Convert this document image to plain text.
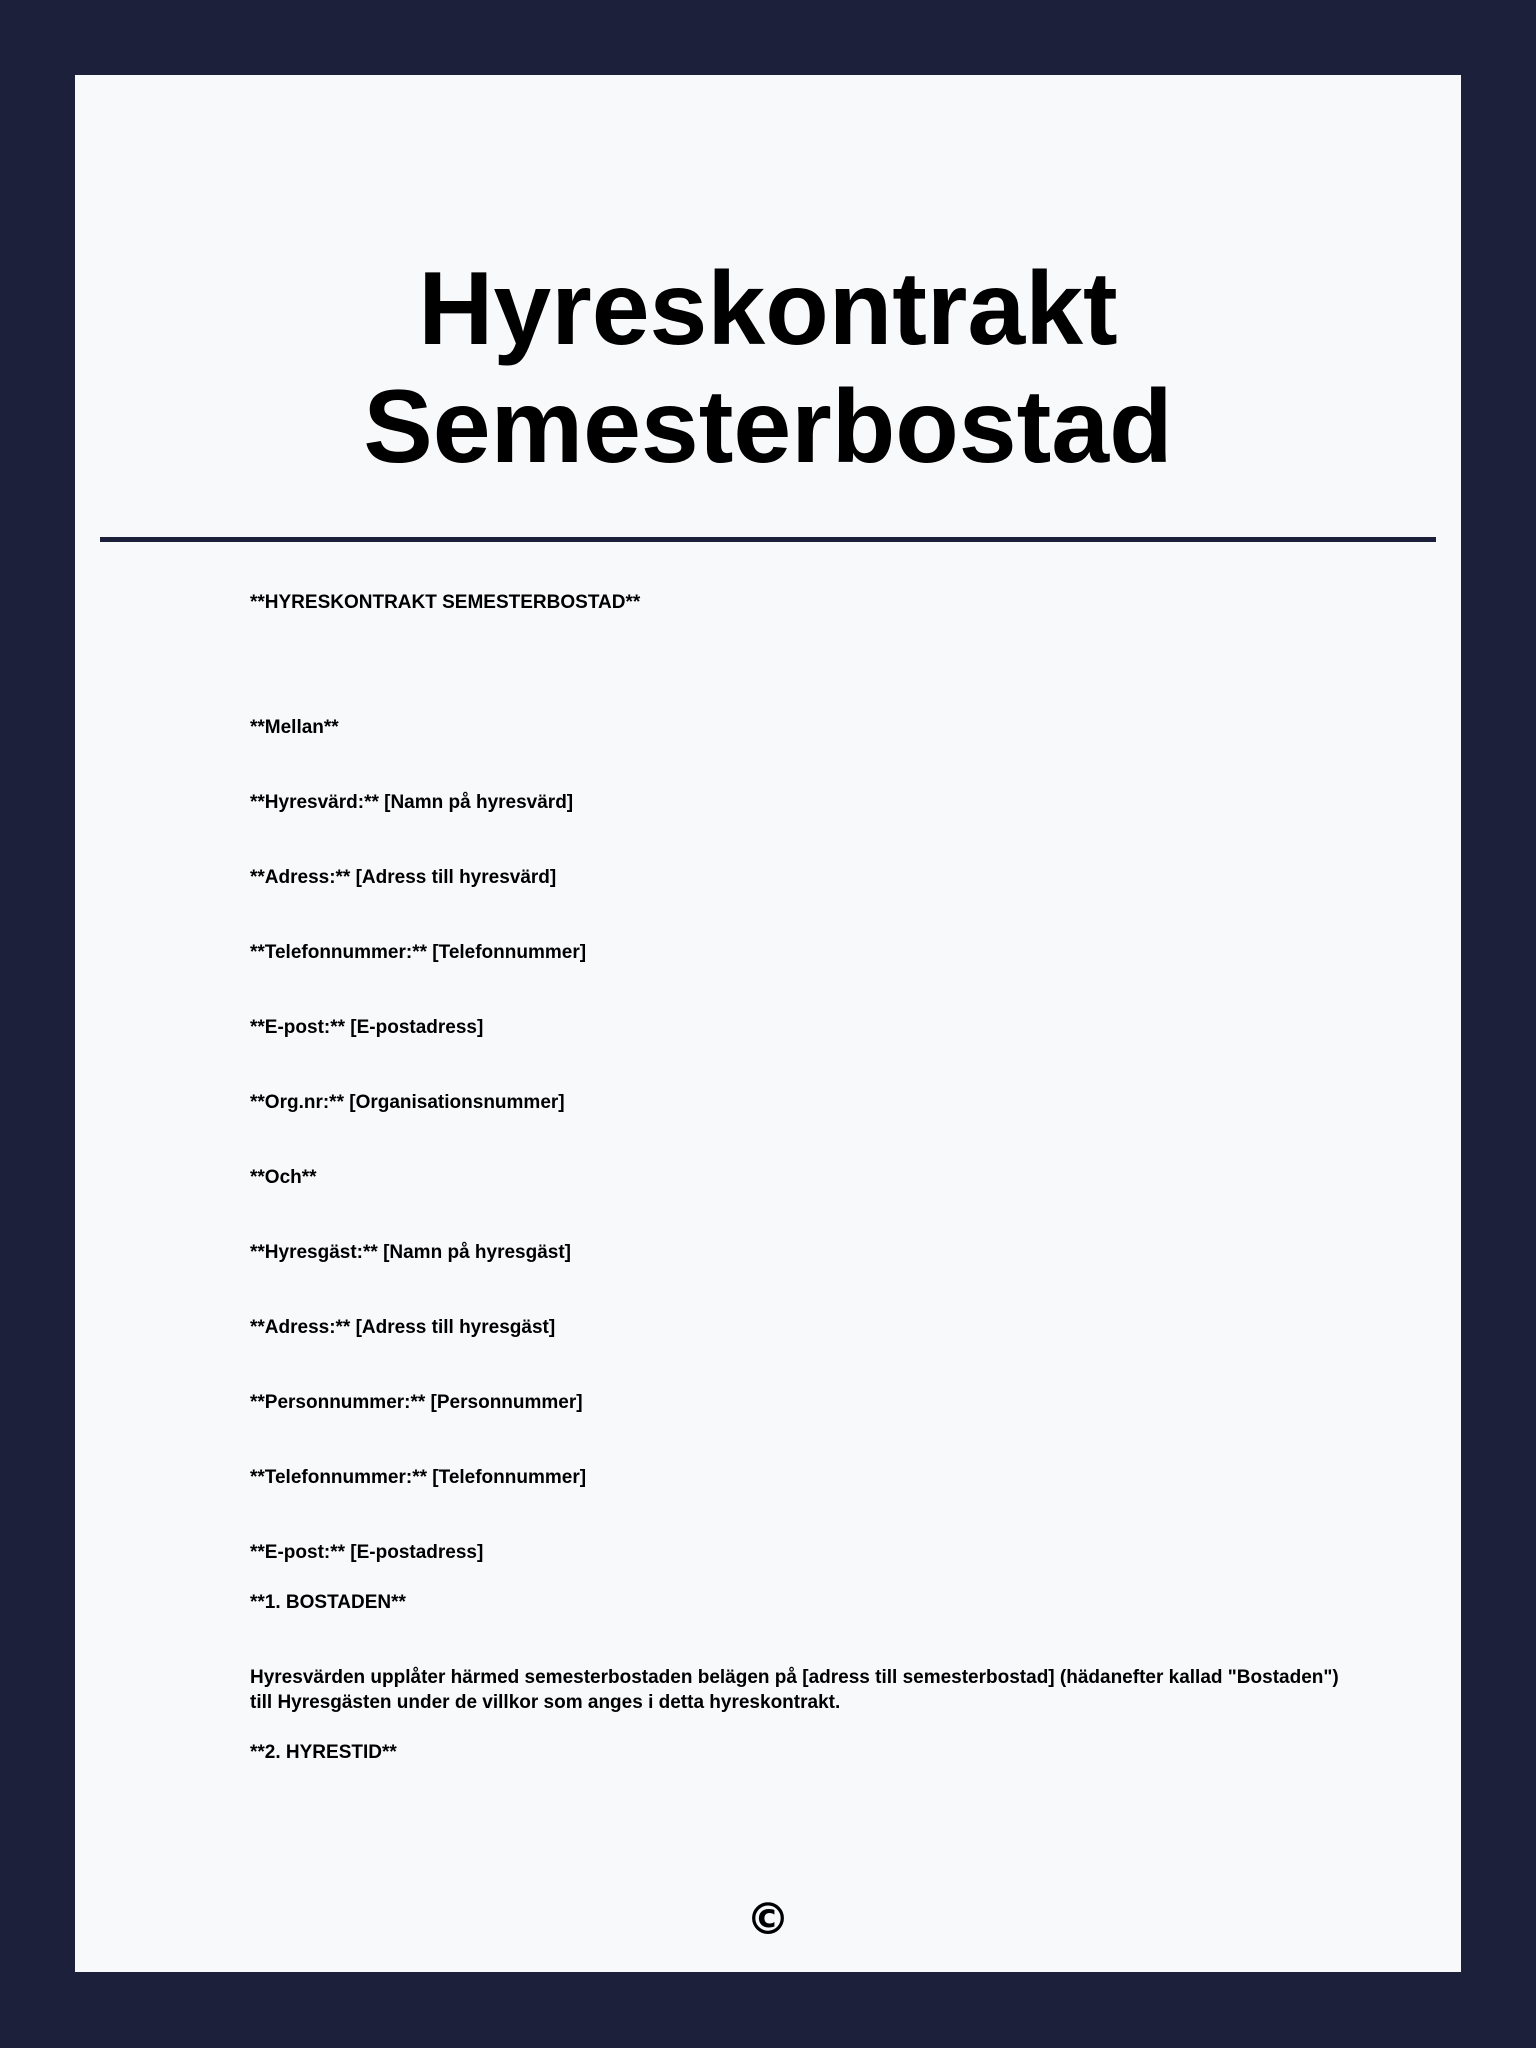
Hyreskontrakt
Semesterbostad

**HYRESKONTRAKT SEMESTERBOSTAD**

**Mellan**

**Hyresvärd:** [Namn på hyresvärd]

**Adress:** [Adress till hyresvärd]

**Telefonnummer:** [Telefonnummer]

**E-post:** [E-postadress]

**Org.nr:** [Organisationsnummer]

**Och**

**Hyresgäst:** [Namn på hyresgäst]

**Adress:** [Adress till hyresgäst]

**Personnummer:** [Personnummer]

**Telefonnummer:** [Telefonnummer]

**E-post:** [E-postadress]

**1. BOSTADEN**

Hyresvärden upplåter härmed semesterbostaden belägen på [adress till semesterbostad] (hädanefter kallad "Bostaden") till Hyresgästen under de villkor som anges i detta hyreskontrakt.

**2. HYRESTID**

©
